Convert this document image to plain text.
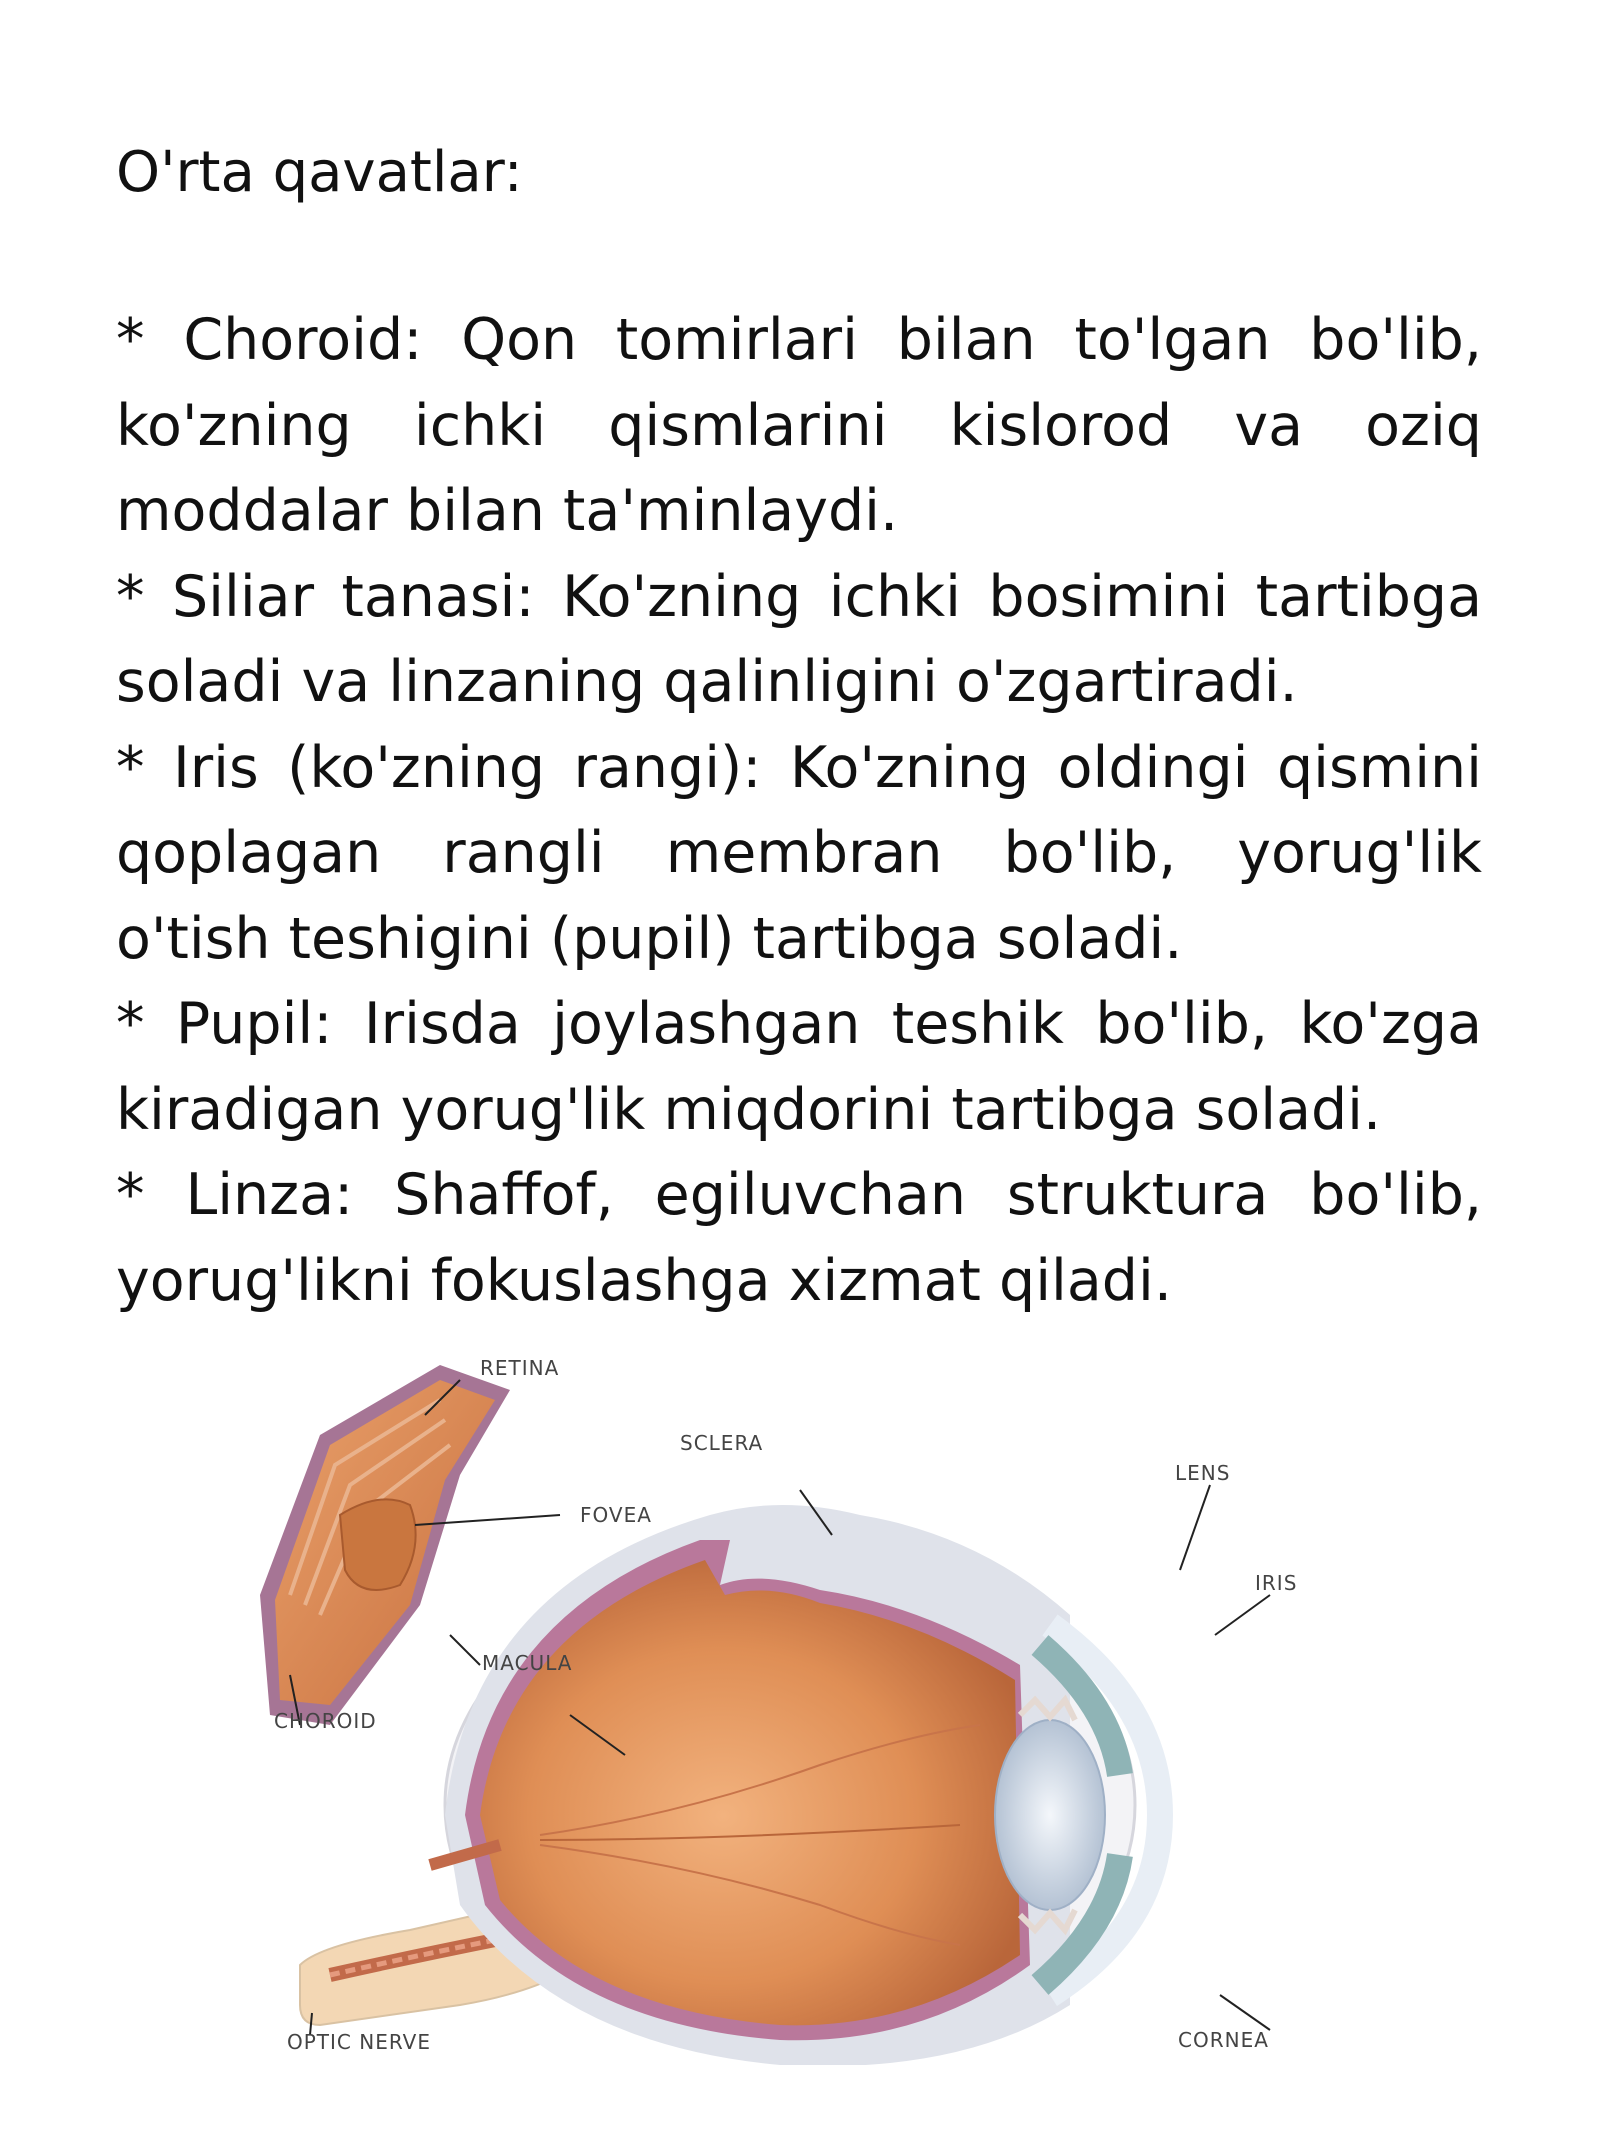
O'rta qavatlar:

* Choroid: Qon tomirlari bilan to'lgan bo'lib, ko'zning ichki qismlarini kislorod va oziq moddalar bilan ta'minlaydi.

* Siliar tanasi: Ko'zning ichki bosimini tartibga soladi va linzaning qalinligini o'zgartiradi.

* Iris (ko'zning rangi): Ko'zning oldingi qismini qoplagan rangli membran bo'lib, yorug'lik o'tish teshigini (pupil) tartibga soladi.

* Pupil: Irisda joylashgan teshik bo'lib, ko'zga kiradigan yorug'lik miqdorini tartibga soladi.

* Linza: Shaffof, egiluvchan struktura bo'lib, yorug'likni fokuslashga xizmat qiladi.

RETINA
SCLERA
FOVEA
LENS
IRIS
MACULA
CHOROID
OPTIC NERVE	CORNEA
